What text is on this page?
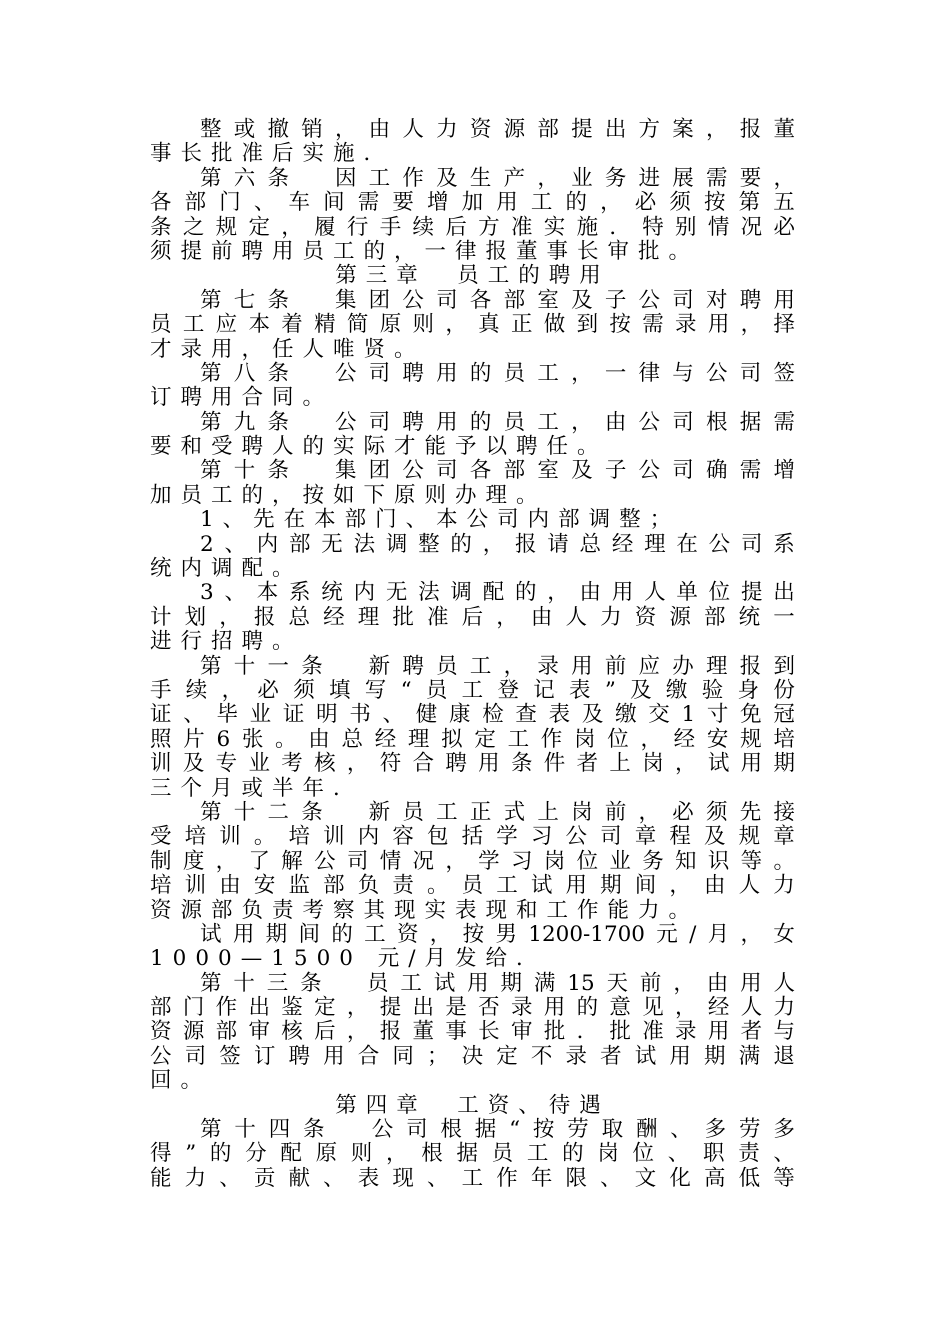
整 或 撤 销 ， 由 人 力 资 源 部 提 出 方 案 ， 报 董
事长批准后实施．
第 六 条
　 因 工 作 及 生 产 ， 业 务 进 展 需 要 ，
各 部 门 、 车 间 需 要 增 加 用 工 的 ， 必 须 按 第 五
条 之 规 定 ， 履 行 手 续 后 方 准 实 施 ． 特 别 情 况 必
须提前聘用员工的，一律报董事长审批。
第三章　员工的聘用
第 七 条
　 集 团 公 司 各 部 室 及 子 公 司 对 聘 用
员 工 应 本 着 精 简 原 则 ， 真 正 做 到 按 需 录 用 ， 择
才录用，任人唯贤。
第 八 条
　 公 司 聘 用 的 员 工 ， 一 律 与 公 司 签
订聘用合同。
第 九 条
　 公 司 聘 用 的 员 工 ， 由 公 司 根 据 需
要和受聘人的实际才能予以聘任。
第 十 条
　 集 团 公 司 各 部 室 及 子 公 司 确 需 增
加员工的，按如下原则办理。
1、先在本部门、本公司内部调整；
2 、 内 部 无 法 调 整 的 ， 报 请 总 经 理 在 公 司 系
统内调配。
3 、 本 系 统 内 无 法 调 配 的 ， 由 用 人 单 位 提 出
计 划 ， 报 总 经 理 批 准 后 ， 由 人 力 资 源 部 统 一
进行招聘。
第 十 一 条
　 新 聘 员 工 ， 录 用 前 应 办 理 报 到
手 续 ， 必 须 填 写 “ 员 工 登 记 表 ” 及 缴 验 身 份
证 、 毕 业 证 明 书 、 健 康 检 查 表 及 缴 交 1 寸 免 冠
照 片 6 张 。 由 总 经 理 拟 定 工 作 岗 位 ， 经 安 规 培
训 及 专 业 考 核 ， 符 合 聘 用 条 件 者 上 岗 ， 试 用 期
三个月或半年．
第 十 二 条
　 新 员 工 正 式 上 岗 前 ， 必 须 先 接
受 培 训 。 培 训 内 容 包 括 学 习 公 司 章 程 及 规 章
制 度 ， 了 解 公 司 情 况 ， 学 习 岗 位 业 务 知 识 等 。
培 训 由 安 监 部 负 责 。 员 工 试 用 期 间 ， 由 人 力
资源部负责考察其现实表现和工作能力。
试 用 期 间 的 工 资 ， 按 男 1200-1700 元 / 月 ， 女
1000—1500 元/月发给．
第 十 三 条
　 员 工 试 用 期 满 15 天 前 ， 由 用 人
部 门 作 出 鉴 定 ， 提 出 是 否 录 用 的 意 见 ， 经 人 力
资 源 部 审 核 后 ， 报 董 事 长 审 批 ． 批 准 录 用 者 与
公 司 签 订 聘 用 合 同 ； 决 定 不 录 者 试 用 期 满 退
回。
第四章　工资、待遇
第 十 四 条
　 公 司 根 据 “ 按 劳 取 酬 、 多 劳 多
得 ” 的 分 配 原 则 ， 根 据 员 工 的 岗 位 、 职 责 、
能 力 、 贡 献 、 表 现 、 工 作 年 限 、 文 化 高 低 等
